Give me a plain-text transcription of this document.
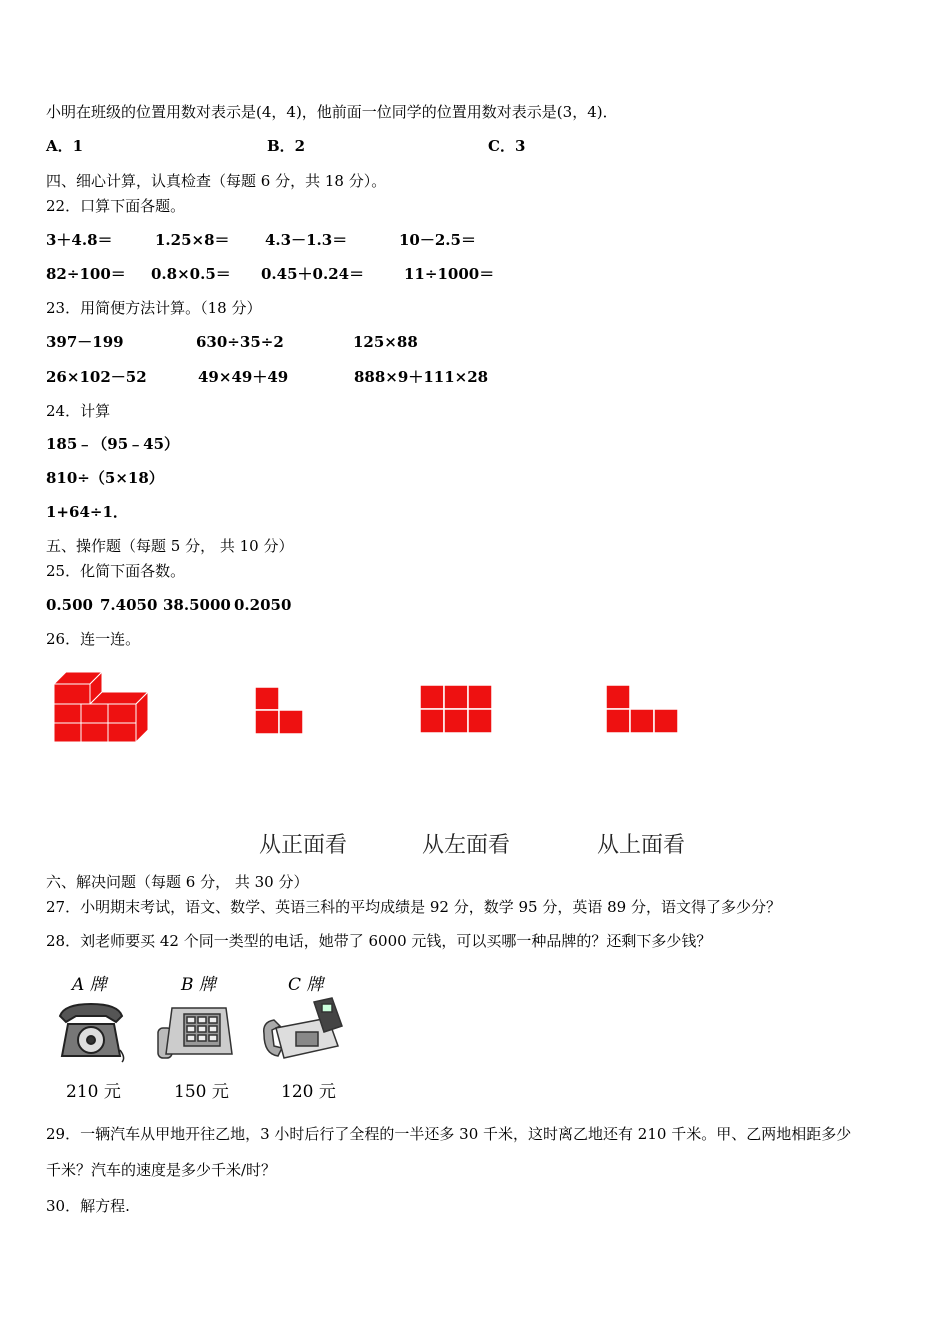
小明在班级的位置用数对表示是(4，4)，他前面一位同学的位置用数对表示是(3，4)．
A．1	B．2	C．3
四、细心计算，认真检查（每题 6 分，共 18 分）。
22．口算下面各题。
3＋4.8＝	1.25×8＝ 4.3－1.3＝	10－2.5＝
82÷100＝ 0.8×0.5＝ 0.45＋0.24＝	11÷1000＝
23．用简便方法计算。（18 分）
397－199	630÷35÷2	125×88
26×102－52	49×49＋49	888×9＋111×28
24．计算
185﹣（95﹣45）
810÷（5×18）
1+64÷1．
五、操作题（每题 5 分， 共 10 分）
25．化简下面各数。
0.500 7.4050 38.5000 0.2050
26．连一连。
从正面看	从左面看	从上面看
六、解决问题（每题 6 分， 共 30 分）
27．小明期末考试，语文、数学、英语三科的平均成绩是 92 分，数学 95 分，英语 89 分，语文得了多少分？
28．刘老师要买 42 个同一类型的电话，她带了 6000 元钱，可以买哪一种品牌的？还剩下多少钱？
A 牌	B 牌	C 牌
210 元	150 元	120 元
29．一辆汽车从甲地开往乙地，3 小时后行了全程的一半还多 30 千米，这时离乙地还有 210 千米。甲、乙两地相距多少
千米？汽车的速度是多少千米/时？
30．解方程.
